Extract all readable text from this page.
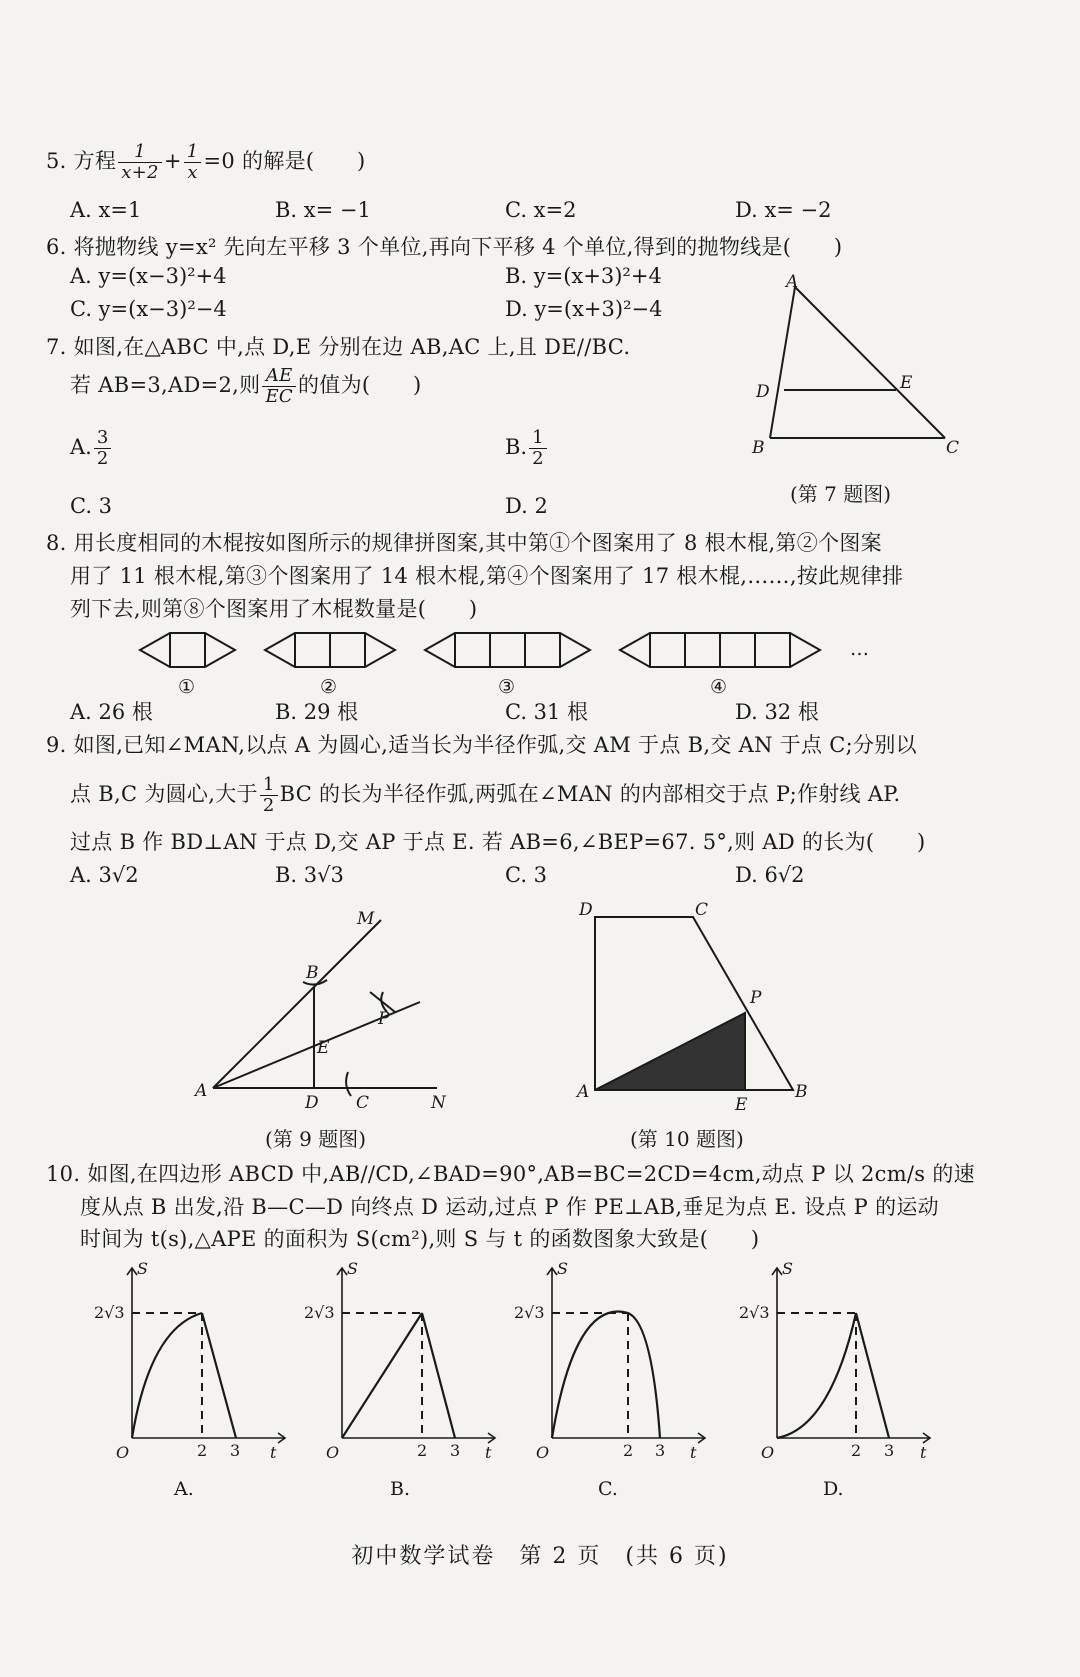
5. 方程 $\frac{1}{x+2} + \frac{1}{x} =0$ 的解是(　　)
A. x=1	B. x= −1	C. x=2	D. x= −2
6. 将抛物线 y=x² 先向左平移 3 个单位,再向下平移 4 个单位,得到的抛物线是(　　)
A. y=(x−3)²+4	B. y=(x+3)²+4
C. y=(x−3)²−4	D. y=(x+3)²−4
7. 如图,在△ABC 中,点 D,E 分别在边 AB,AC 上,且 DE//BC.
若 AB=3,AD=2,则 $\frac{AE}{EC}$ 的值为(　　)
A. $\frac{3}{2}$	B. $\frac{1}{2}$
C. 3	D. 2
A
D	E
B	C
(第 7 题图)
8. 用长度相同的木棍按如图所示的规律拼图案,其中第①个图案用了 8 根木棍,第②个图案
用了 11 根木棍,第③个图案用了 14 根木棍,第④个图案用了 17 根木棍,……,按此规律排
列下去,则第⑧个图案用了木棍数量是(　　)
①	②	③	④
…
A. 26 根	B. 29 根	C. 31 根	D. 32 根
9. 如图,已知∠MAN,以点 A 为圆心,适当长为半径作弧,交 AM 于点 B,交 AN 于点 C;分别以
点 B,C 为圆心,大于 $\frac{1}{2}$ BC 的长为半径作弧,两弧在∠MAN 的内部相交于点 P;作射线 AP.
过点 B 作 BD⊥AN 于点 D,交 AP 于点 E. 若 AB=6,∠BEP=67. 5°,则 AD 的长为(　　)
A. 3√2	B. 3√3	C. 3	D. 6√2
M
B
P
E
A
D C	N
(第 9 题图)
D	C
P
A
E
B
(第 10 题图)
10. 如图,在四边形 ABCD 中,AB//CD,∠BAD=90°,AB=BC=2CD=4cm,动点 P 以 2cm/s 的速
度从点 B 出发,沿 B—C—D 向终点 D 运动,过点 P 作 PE⊥AB,垂足为点 E. 设点 P 的运动
时间为 t(s),△APE 的面积为 S(cm²),则 S 与 t 的函数图象大致是(　　)
S
2√3
O	2 3 t
A.
S
2√3
O	2 3 t
B.
S
2√3
O	2 3 t
C.
S
2√3
O	2 3 t
D.
初中数学试卷　第 2 页　(共 6 页)
